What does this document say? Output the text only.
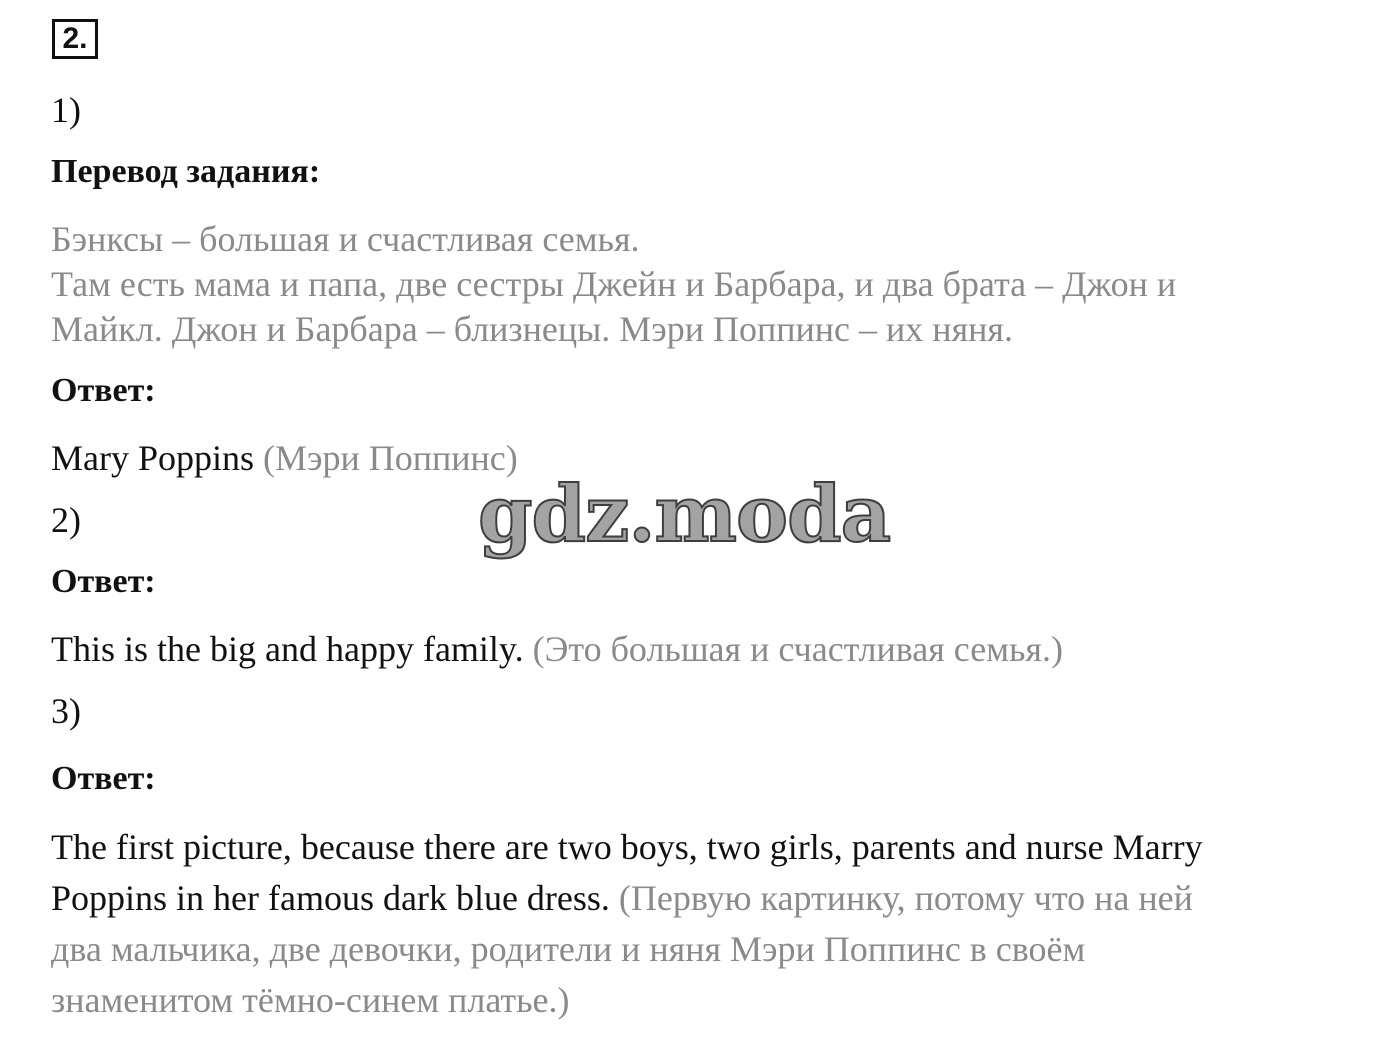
2.
1)
Перевод задания:
Бэнксы – большая и счастливая семья.
Там есть мама и папа, две сестры Джейн и Барбара, и два брата – Джон и
Майкл. Джон и Барбара – близнецы. Мэри Поппинс – их няня.
Ответ:
Mary Poppins (Мэри Поппинс)
2)
Ответ:
This is the big and happy family. (Это большая и счастливая семья.)
3)
Ответ:
The first picture, because there are two boys, two girls, parents and nurse Marry
Poppins in her famous dark blue dress. (Первую картинку, потому что на ней
два мальчика, две девочки, родители и няня Мэри Поппинс в своём
знаменитом тёмно-синем платье.)
gdz.moda
